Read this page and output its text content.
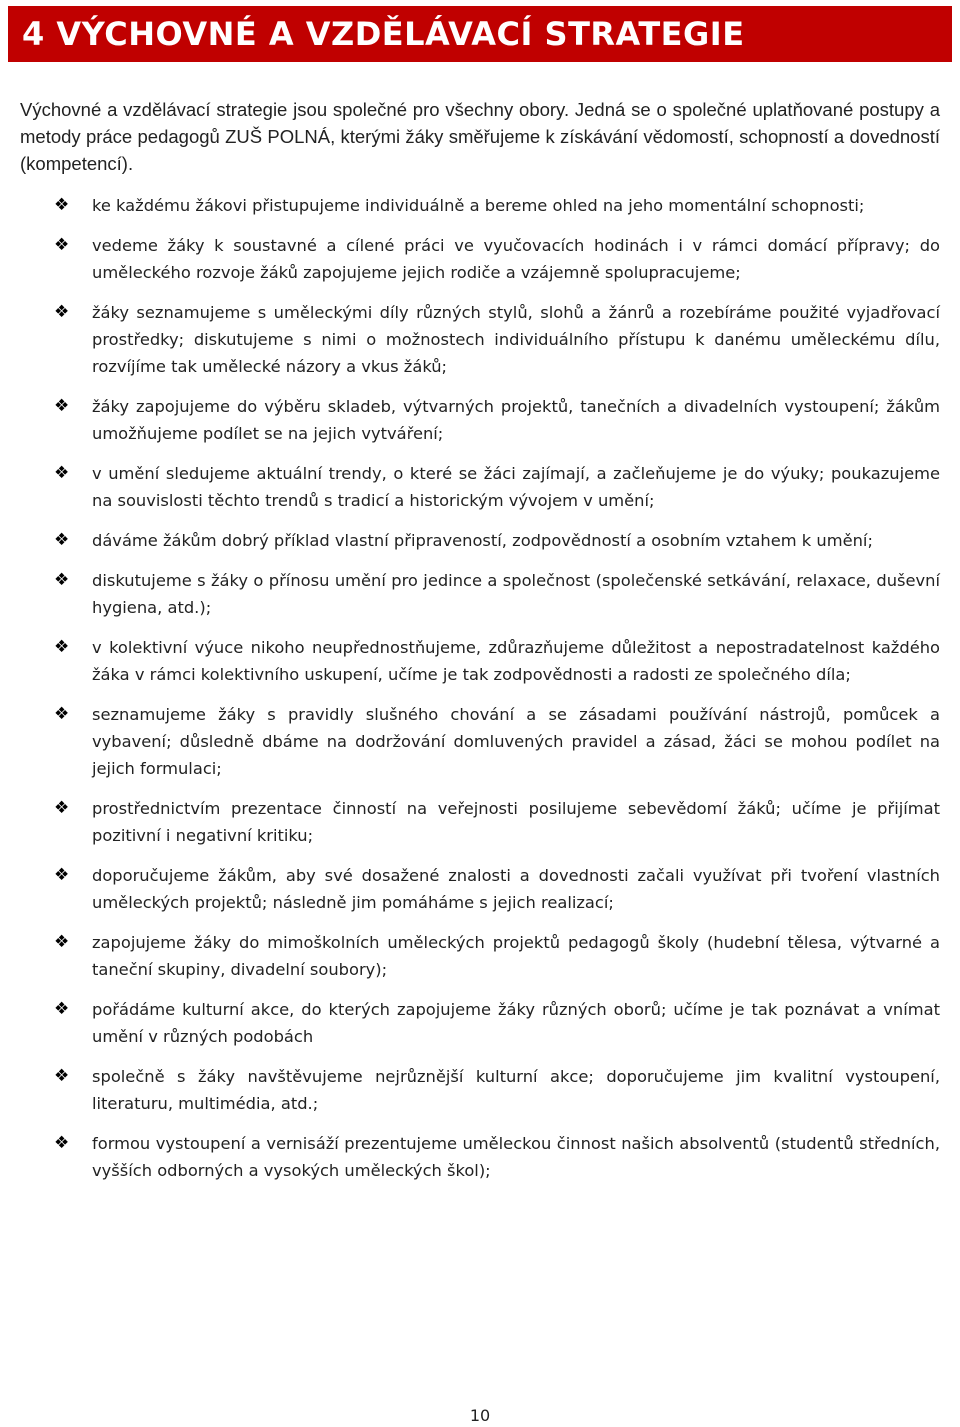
4 VÝCHOVNÉ A VZDĚLÁVACÍ STRATEGIE

Výchovné a vzdělávací strategie jsou společné pro všechny obory. Jedná se o společné uplatňované postupy a metody práce pedagogů ZUŠ POLNÁ, kterými žáky směřujeme k získávání vědomostí, schopností a dovedností (kompetencí).

❖ ke každému žákovi přistupujeme individuálně a bereme ohled na jeho momentální schopnosti;
❖ vedeme žáky k soustavné a cílené práci ve vyučovacích hodinách i v rámci domácí přípravy; do uměleckého rozvoje žáků zapojujeme jejich rodiče a vzájemně spolupracujeme;
❖ žáky seznamujeme s uměleckými díly různých stylů, slohů a žánrů a rozebíráme použité vyjadřovací prostředky; diskutujeme s nimi o možnostech individuálního přístupu k danému uměleckému dílu, rozvíjíme tak umělecké názory a vkus žáků;
❖ žáky zapojujeme do výběru skladeb, výtvarných projektů, tanečních a divadelních vystoupení; žákům umožňujeme podílet se na jejich vytváření;
❖ v umění sledujeme aktuální trendy, o které se žáci zajímají, a začleňujeme je do výuky; poukazujeme na souvislosti těchto trendů s tradicí a historickým vývojem v umění;
❖ dáváme žákům dobrý příklad vlastní připraveností, zodpovědností a osobním vztahem k umění;
❖ diskutujeme s žáky o přínosu umění pro jedince a společnost (společenské setkávání, relaxace, duševní hygiena, atd.);
❖ v kolektivní výuce nikoho neupřednostňujeme, zdůrazňujeme důležitost a nepostradatelnost každého žáka v rámci kolektivního uskupení, učíme je tak zodpovědnosti a radosti ze společného díla;
❖ seznamujeme žáky s pravidly slušného chování a se zásadami používání nástrojů, pomůcek a vybavení; důsledně dbáme na dodržování domluvených pravidel a zásad, žáci se mohou podílet na jejich formulaci;
❖ prostřednictvím prezentace činností na veřejnosti posilujeme sebevědomí žáků; učíme je přijímat pozitivní i negativní kritiku;
❖ doporučujeme žákům, aby své dosažené znalosti a dovednosti začali využívat při tvoření vlastních uměleckých projektů; následně jim pomáháme s jejich realizací;
❖ zapojujeme žáky do mimoškolních uměleckých projektů pedagogů školy (hudební tělesa, výtvarné a taneční skupiny, divadelní soubory);
❖ pořádáme kulturní akce, do kterých zapojujeme žáky různých oborů; učíme je tak poznávat a vnímat umění v různých podobách
❖ společně s žáky navštěvujeme nejrůznější kulturní akce; doporučujeme jim kvalitní vystoupení, literaturu, multimédia, atd.;
❖ formou vystoupení a vernisáží prezentujeme uměleckou činnost našich absolventů (studentů středních, vyšších odborných a vysokých uměleckých škol);
10
